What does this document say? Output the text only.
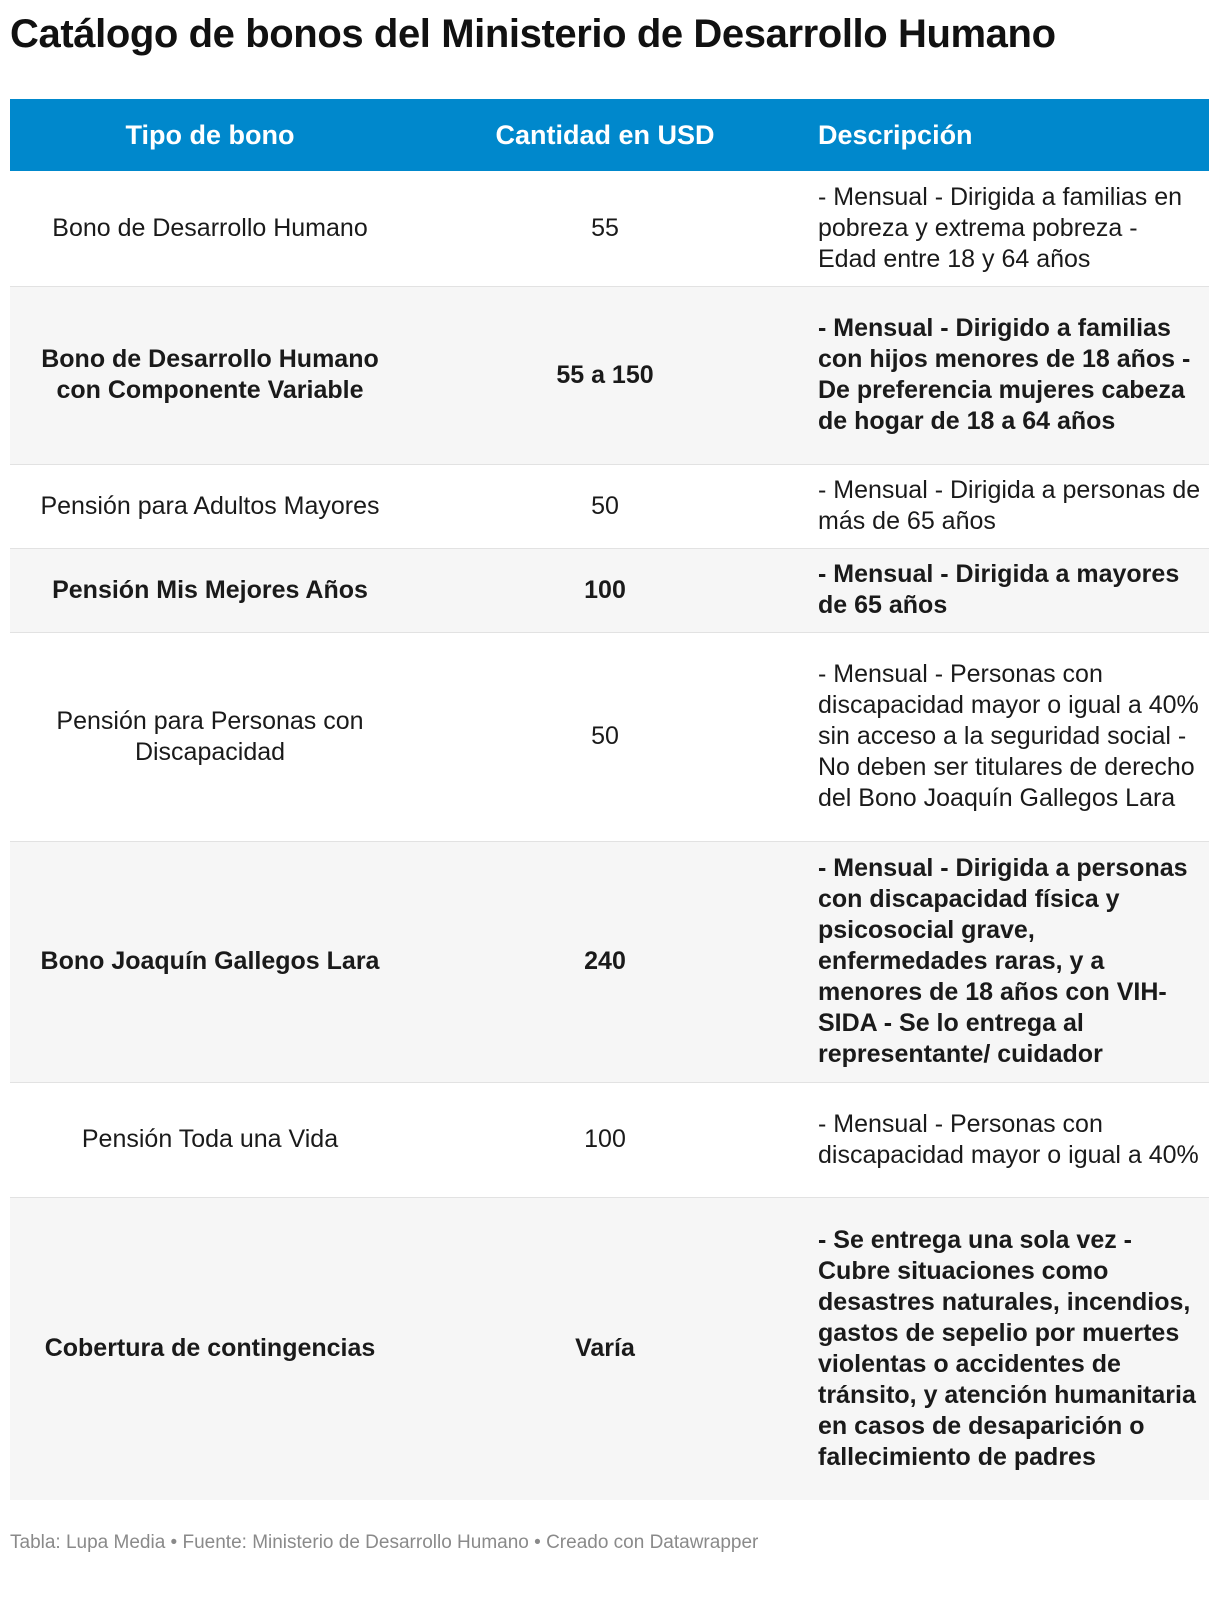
Catálogo de bonos del Ministerio de Desarrollo Humano
Tipo de bono	Cantidad en USD	Descripción
Bono de Desarrollo Humano	55	- Mensual - Dirigida a familias en pobreza y extrema pobreza - Edad entre 18 y 64 años
Bono de Desarrollo Humano con Componente Variable	55 a 150	- Mensual - Dirigido a familias con hijos menores de 18 años - De preferencia mujeres cabeza de hogar de 18 a 64 años
Pensión para Adultos Mayores	50	- Mensual - Dirigida a personas de más de 65 años
Pensión Mis Mejores Años	100	- Mensual - Dirigida a mayores de 65 años
Pensión para Personas con Discapacidad	50	- Mensual - Personas con discapacidad mayor o igual a 40% sin acceso a la seguridad social - No deben ser titulares de derecho del Bono Joaquín Gallegos Lara
Bono Joaquín Gallegos Lara	240	- Mensual - Dirigida a personas con discapacidad física y psicosocial grave, enfermedades raras, y a menores de 18 años con VIH-SIDA - Se lo entrega al representante/ cuidador
Pensión Toda una Vida	100	- Mensual - Personas con discapacidad mayor o igual a 40%
Cobertura de contingencias	Varía	- Se entrega una sola vez - Cubre situaciones como desastres naturales, incendios, gastos de sepelio por muertes violentas o accidentes de tránsito, y atención humanitaria en casos de desaparición o fallecimiento de padres

Tabla: Lupa Media • Fuente: Ministerio de Desarrollo Humano • Creado con Datawrapper
